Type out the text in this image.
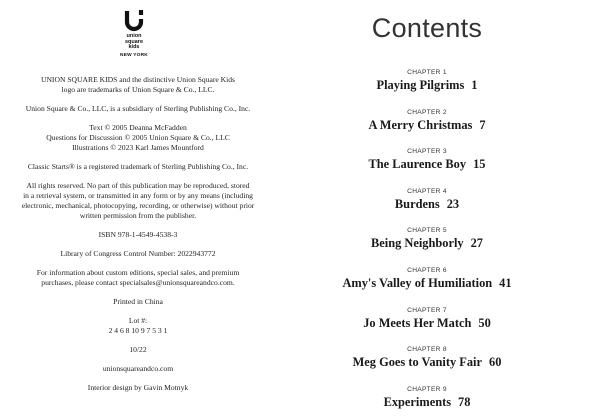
union
square
kids
NEW YORK

UNION SQUARE KIDS and the distinctive Union Square Kids
logo are trademarks of Union Square & Co., LLC.

Union Square & Co., LLC, is a subsidiary of Sterling Publishing Co., Inc.

Text © 2005 Deanna McFadden
Questions for Discussion © 2005 Union Square & Co., LLC
Illustrations © 2023 Karl James Mountford

Classic Starts® is a registered trademark of Sterling Publishing Co., Inc.

All rights reserved. No part of this publication may be reproduced, stored
in a retrieval system, or transmitted in any form or by any means (including
electronic, mechanical, photocopying, recording, or otherwise) without prior
written permission from the publisher.

ISBN 978-1-4549-4538-3

Library of Congress Control Number: 2022943772

For information about custom editions, special sales, and premium
purchases, please contact specialsales@unionsquareandco.com.

Printed in China

Lot #:
2 4 6 8 10 9 7 5 3 1

10/22

unionsquareandco.com

Interior design by Gavin Motnyk

Contents
CHAPTER 1
Playing Pilgrims 1
CHAPTER 2
A Merry Christmas 7
CHAPTER 3
The Laurence Boy 15
CHAPTER 4
Burdens 23
CHAPTER 5
Being Neighborly 27
CHAPTER 6
Amy's Valley of Humiliation 41
CHAPTER 7
Jo Meets Her Match 50
CHAPTER 8
Meg Goes to Vanity Fair 60
CHAPTER 9
Experiments 78
